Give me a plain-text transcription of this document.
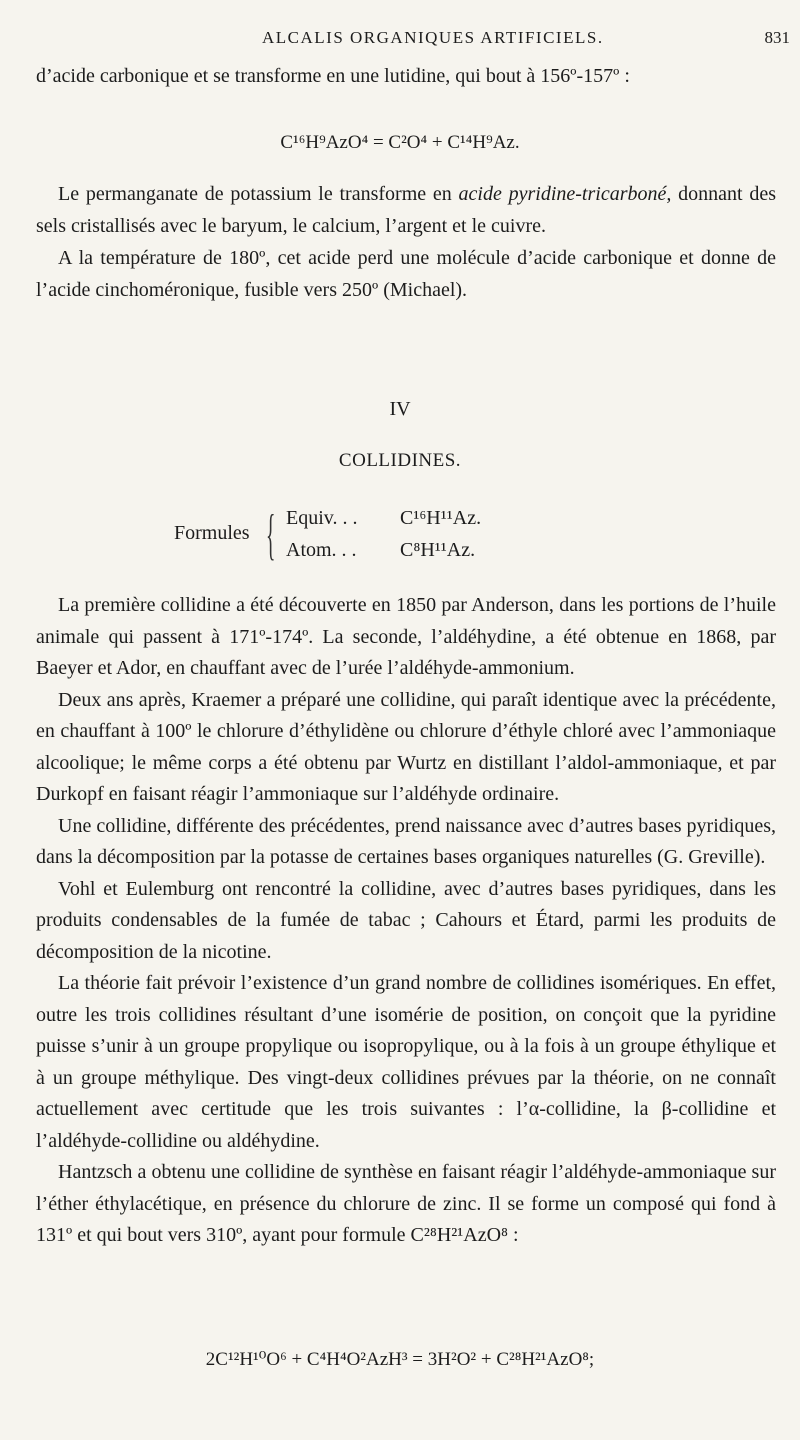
ALCALIS ORGANIQUES ARTIFICIELS.	831

d’acide carbonique et se transforme en une lutidine, qui bout à 156º-157º :

C¹⁶H⁹AzO⁴ = C²O⁴ + C¹⁴H⁹Az.

Le permanganate de potassium le transforme en acide pyridine-tricarboné, donnant des sels cristallisés avec le baryum, le calcium, l’argent et le cuivre.

A la température de 180º, cet acide perd une molécule d’acide carbonique et donne de l’acide cinchoméronique, fusible vers 250º (Michael).

IV
COLLIDINES.
Formules { Equiv. . . C¹⁶H¹¹Az.
Atom. . . C⁸H¹¹Az.

La première collidine a été découverte en 1850 par Anderson, dans les portions de l’huile animale qui passent à 171º-174º. La seconde, l’aldéhydine, a été obtenue en 1868, par Baeyer et Ador, en chauffant avec de l’urée l’aldéhyde-ammonium.

Deux ans après, Kraemer a préparé une collidine, qui paraît identique avec la précédente, en chauffant à 100º le chlorure d’éthylidène ou chlorure d’éthyle chloré avec l’ammoniaque alcoolique; le même corps a été obtenu par Wurtz en distillant l’aldol-ammoniaque, et par Durkopf en faisant réagir l’ammoniaque sur l’aldéhyde ordinaire.

Une collidine, différente des précédentes, prend naissance avec d’autres bases pyridiques, dans la décomposition par la potasse de certaines bases organiques naturelles (G. Greville).

Vohl et Eulemburg ont rencontré la collidine, avec d’autres bases pyridiques, dans les produits condensables de la fumée de tabac ; Cahours et Étard, parmi les produits de décomposition de la nicotine.

La théorie fait prévoir l’existence d’un grand nombre de collidines isomériques. En effet, outre les trois collidines résultant d’une isomérie de position, on conçoit que la pyridine puisse s’unir à un groupe propylique ou isopropylique, ou à la fois à un groupe éthylique et à un groupe méthylique. Des vingt-deux collidines prévues par la théorie, on ne connaît actuellement avec certitude que les trois suivantes : l’α-collidine, la β-collidine et l’aldéhyde-collidine ou aldéhydine.

Hantzsch a obtenu une collidine de synthèse en faisant réagir l’aldéhyde-ammoniaque sur l’éther éthylacétique, en présence du chlorure de zinc. Il se forme un composé qui fond à 131º et qui bout vers 310º, ayant pour formule C²⁸H²¹AzO⁸ :

2C¹²H¹⁰O⁶ + C⁴H⁴O²AzH³ = 3H²O² + C²⁸H²¹AzO⁸;
